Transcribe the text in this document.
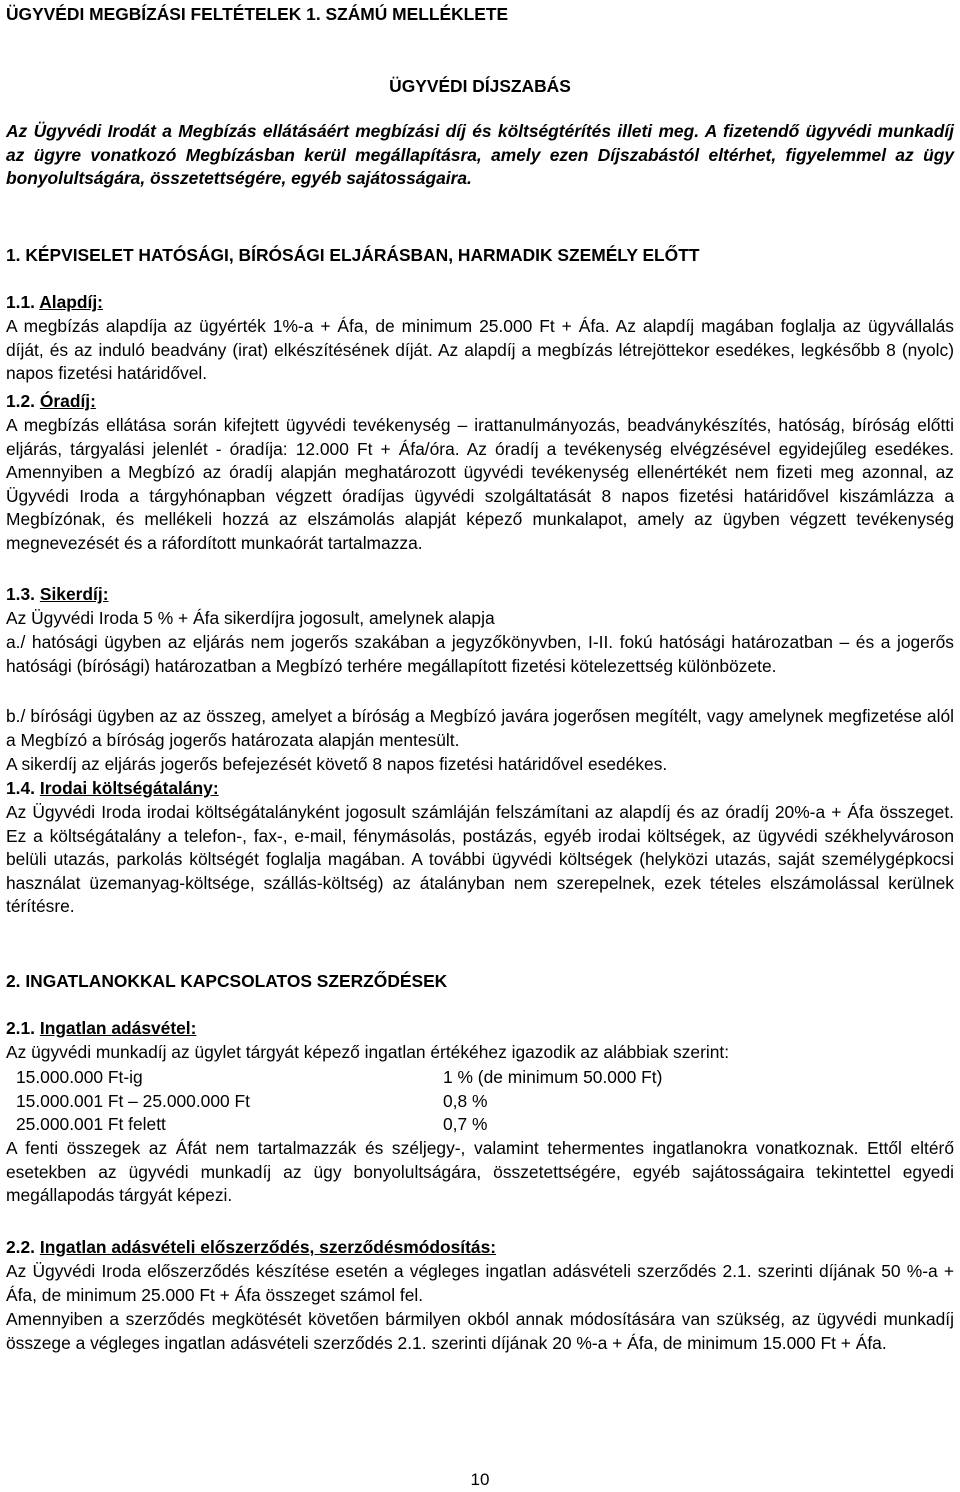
ÜGYVÉDI MEGBÍZÁSI FELTÉTELEK 1. SZÁMÚ MELLÉKLETE
ÜGYVÉDI DÍJSZABÁS
Az Ügyvédi Irodát a Megbízás ellátásáért megbízási díj és költségtérítés illeti meg. A fizetendő ügyvédi munkadíj az ügyre vonatkozó Megbízásban kerül megállapításra, amely ezen Díjszabástól eltérhet, figyelemmel az ügy bonyolultságára, összetettségére, egyéb sajátosságaira.
1. KÉPVISELET HATÓSÁGI, BÍRÓSÁGI ELJÁRÁSBAN, HARMADIK SZEMÉLY ELŐTT
1.1. Alapdíj:
A megbízás alapdíja az ügyérték 1%-a + Áfa, de minimum 25.000 Ft + Áfa. Az alapdíj magában foglalja az ügyvállalás díját, és az induló beadvány (irat) elkészítésének díját. Az alapdíj a megbízás létrejöttekor esedékes, legkésőbb 8 (nyolc) napos fizetési határidővel.
1.2. Óradíj:
A megbízás ellátása során kifejtett ügyvédi tevékenység – irattanulmányozás, beadványkészítés, hatóság, bíróság előtti eljárás, tárgyalási jelenlét - óradíja: 12.000 Ft + Áfa/óra. Az óradíj a tevékenység elvégzésével egyidejűleg esedékes. Amennyiben a Megbízó az óradíj alapján meghatározott ügyvédi tevékenység ellenértékét nem fizeti meg azonnal, az Ügyvédi Iroda a tárgyhónapban végzett óradíjas ügyvédi szolgáltatását 8 napos fizetési határidővel kiszámlázza a Megbízónak, és mellékeli hozzá az elszámolás alapját képező munkalapot, amely az ügyben végzett tevékenység megnevezését és a ráfordított munkaórát tartalmazza.
1.3. Sikerdíj:
Az Ügyvédi Iroda 5 % + Áfa sikerdíjra jogosult, amelynek alapja
a./ hatósági ügyben az eljárás nem jogerős szakában a jegyzőkönyvben, I-II. fokú hatósági határozatban – és a jogerős hatósági (bírósági) határozatban a Megbízó terhére megállapított fizetési kötelezettség különbözete.
b./ bírósági ügyben az az összeg, amelyet a bíróság a Megbízó javára jogerősen megítélt, vagy amelynek megfizetése alól a Megbízó a bíróság jogerős határozata alapján mentesült.
A sikerdíj az eljárás jogerős befejezését követő 8 napos fizetési határidővel esedékes.
1.4. Irodai költségátalány:
Az Ügyvédi Iroda irodai költségátalányként jogosult számláján felszámítani az alapdíj és az óradíj 20%-a + Áfa összeget. Ez a költségátalány a telefon-, fax-, e-mail, fénymásolás, postázás, egyéb irodai költségek, az ügyvédi székhelyvároson belüli utazás, parkolás költségét foglalja magában. A további ügyvédi költségek (helyközi utazás, saját személygépkocsi használat üzemanyag-költsége, szállás-költség) az átalányban nem szerepelnek, ezek tételes elszámolással kerülnek térítésre.
2. INGATLANOKKAL KAPCSOLATOS SZERZŐDÉSEK
2.1. Ingatlan adásvétel:
Az ügyvédi munkadíj az ügylet tárgyát képező ingatlan értékéhez igazodik az alábbiak szerint:
15.000.000 Ft-ig	1 % (de minimum 50.000 Ft)
15.000.001 Ft – 25.000.000 Ft	0,8 %
25.000.001 Ft felett	0,7 %
A fenti összegek az Áfát nem tartalmazzák és széljegy-, valamint tehermentes ingatlanokra vonatkoznak. Ettől eltérő esetekben az ügyvédi munkadíj az ügy bonyolultságára, összetettségére, egyéb sajátosságaira tekintettel egyedi megállapodás tárgyát képezi.
2.2. Ingatlan adásvételi előszerződés, szerződésmódosítás:
Az Ügyvédi Iroda előszerződés készítése esetén a végleges ingatlan adásvételi szerződés 2.1. szerinti díjának 50 %-a + Áfa, de minimum 25.000 Ft + Áfa összeget számol fel.
Amennyiben a szerződés megkötését követően bármilyen okból annak módosítására van szükség, az ügyvédi munkadíj összege a végleges ingatlan adásvételi szerződés 2.1. szerinti díjának 20 %-a + Áfa, de minimum 15.000 Ft + Áfa.
10
